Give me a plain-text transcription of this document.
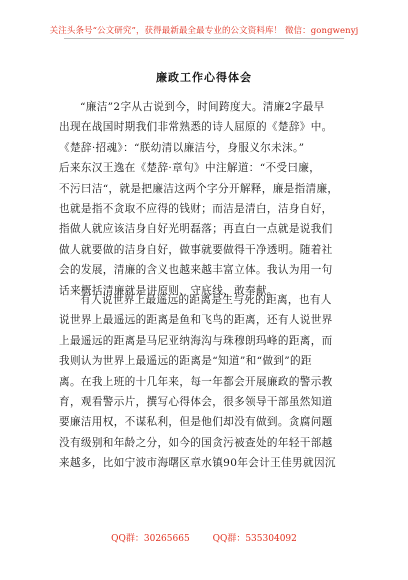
关注头条号“公文研究”，获得最新最全最专业的公文资料库！ 微信：gongwenyj
廉政工作心得体会
“廉洁”2字从古说到今，时间跨度大。清廉2字最早
出现在战国时期我们非常熟悉的诗人屈原的《楚辞》中。
《楚辞·招魂》：“朕幼清以廉洁兮，身服义尔未沫。”
后来东汉王逸在《楚辞·章句》中注解道：“不受曰廉，
不污曰洁“，就是把廉洁这两个字分开解释，廉是指清廉，
也就是指不贪取不应得的钱财；而洁是清白，洁身自好，
指做人就应该洁身自好光明磊落；再直白一点就是说我们
做人就要做的洁身自好，做事就要做得干净透明。随着社
会的发展，清廉的含义也越来越丰富立体。我认为用一句
话来概括清廉就是讲原则、守底线、敢奉献。
有人说世界上最遥远的距离是生与死的距离，也有人
说世界上最遥远的距离是鱼和飞鸟的距离，还有人说世界
上最遥远的距离是马尼亚纳海沟与珠穆朗玛峰的距离，而
我则认为世界上最遥远的距离是“知道”和“做到”的距
离。在我上班的十几年来，每一年都会开展廉政的警示教
育，观看警示片，撰写心得体会，很多领导干部虽然知道
要廉洁用权，不谋私利，但是他们却没有做到。贪腐问题
没有级别和年龄之分，如今的国贪污被查处的年轻干部越
来越多，比如宁波市海曙区章水镇90年会计王佳男就因沉
QQ群：30265665	QQ群：535304092
